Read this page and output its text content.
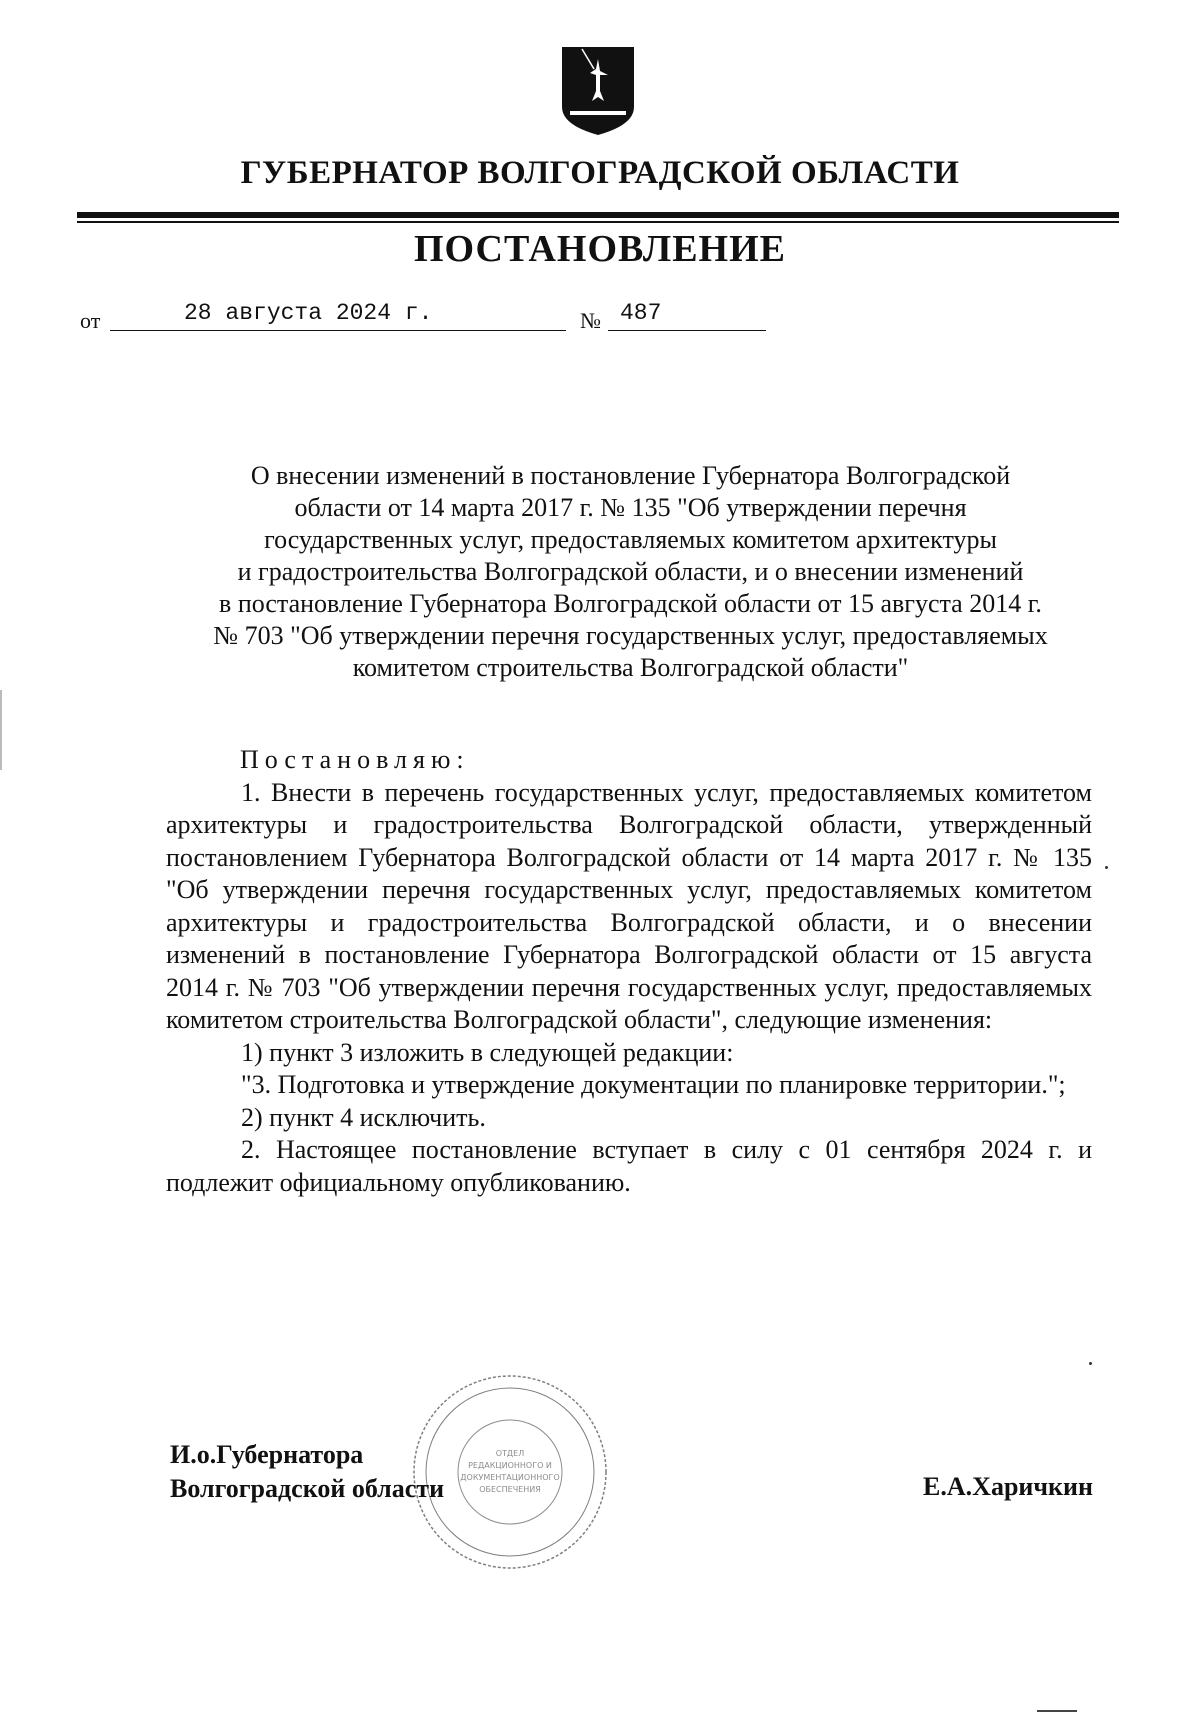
ГУБЕРНАТОР ВОЛГОГРАДСКОЙ ОБЛАСТИ
ПОСТАНОВЛЕНИЕ
от	28 августа 2024 г.	№ 487
О внесении изменений в постановление Губернатора Волгоградской
области от 14 марта 2017 г. № 135 "Об утверждении перечня
государственных услуг, предоставляемых комитетом архитектуры
и градостроительства Волгоградской области, и о внесении изменений
в постановление Губернатора Волгоградской области от 15 августа 2014 г.
№ 703 "Об утверждении перечня государственных услуг, предоставляемых
комитетом строительства Волгоградской области"

Постановляю:

1. Внести в перечень государственных услуг, предоставляемых комитетом архитектуры и градостроительства Волгоградской области, утвержденный постановлением Губернатора Волгоградской области от 14 марта 2017 г. № 135 "Об утверждении перечня государственных услуг, предоставляемых комитетом архитектуры и градостроительства Волгоградской области, и о внесении изменений в постановление Губернатора Волгоградской области от 15 августа 2014 г. № 703 "Об утверждении перечня государственных услуг, предоставляемых комитетом строительства Волгоградской области", следующие изменения:

1) пункт 3 изложить в следующей редакции:

"3. Подготовка и утверждение документации по планировке территории.";

2) пункт 4 исключить.

2. Настоящее постановление вступает в силу с 01 сентября 2024 г. и подлежит официальному опубликованию.

ОТДЕЛ
РЕДАКЦИОННОГО И
ДОКУМЕНТАЦИОННОГО
ОБЕСПЕЧЕНИЯ
И.о.Губернатора
Волгоградской области	Е.А.Харичкин
